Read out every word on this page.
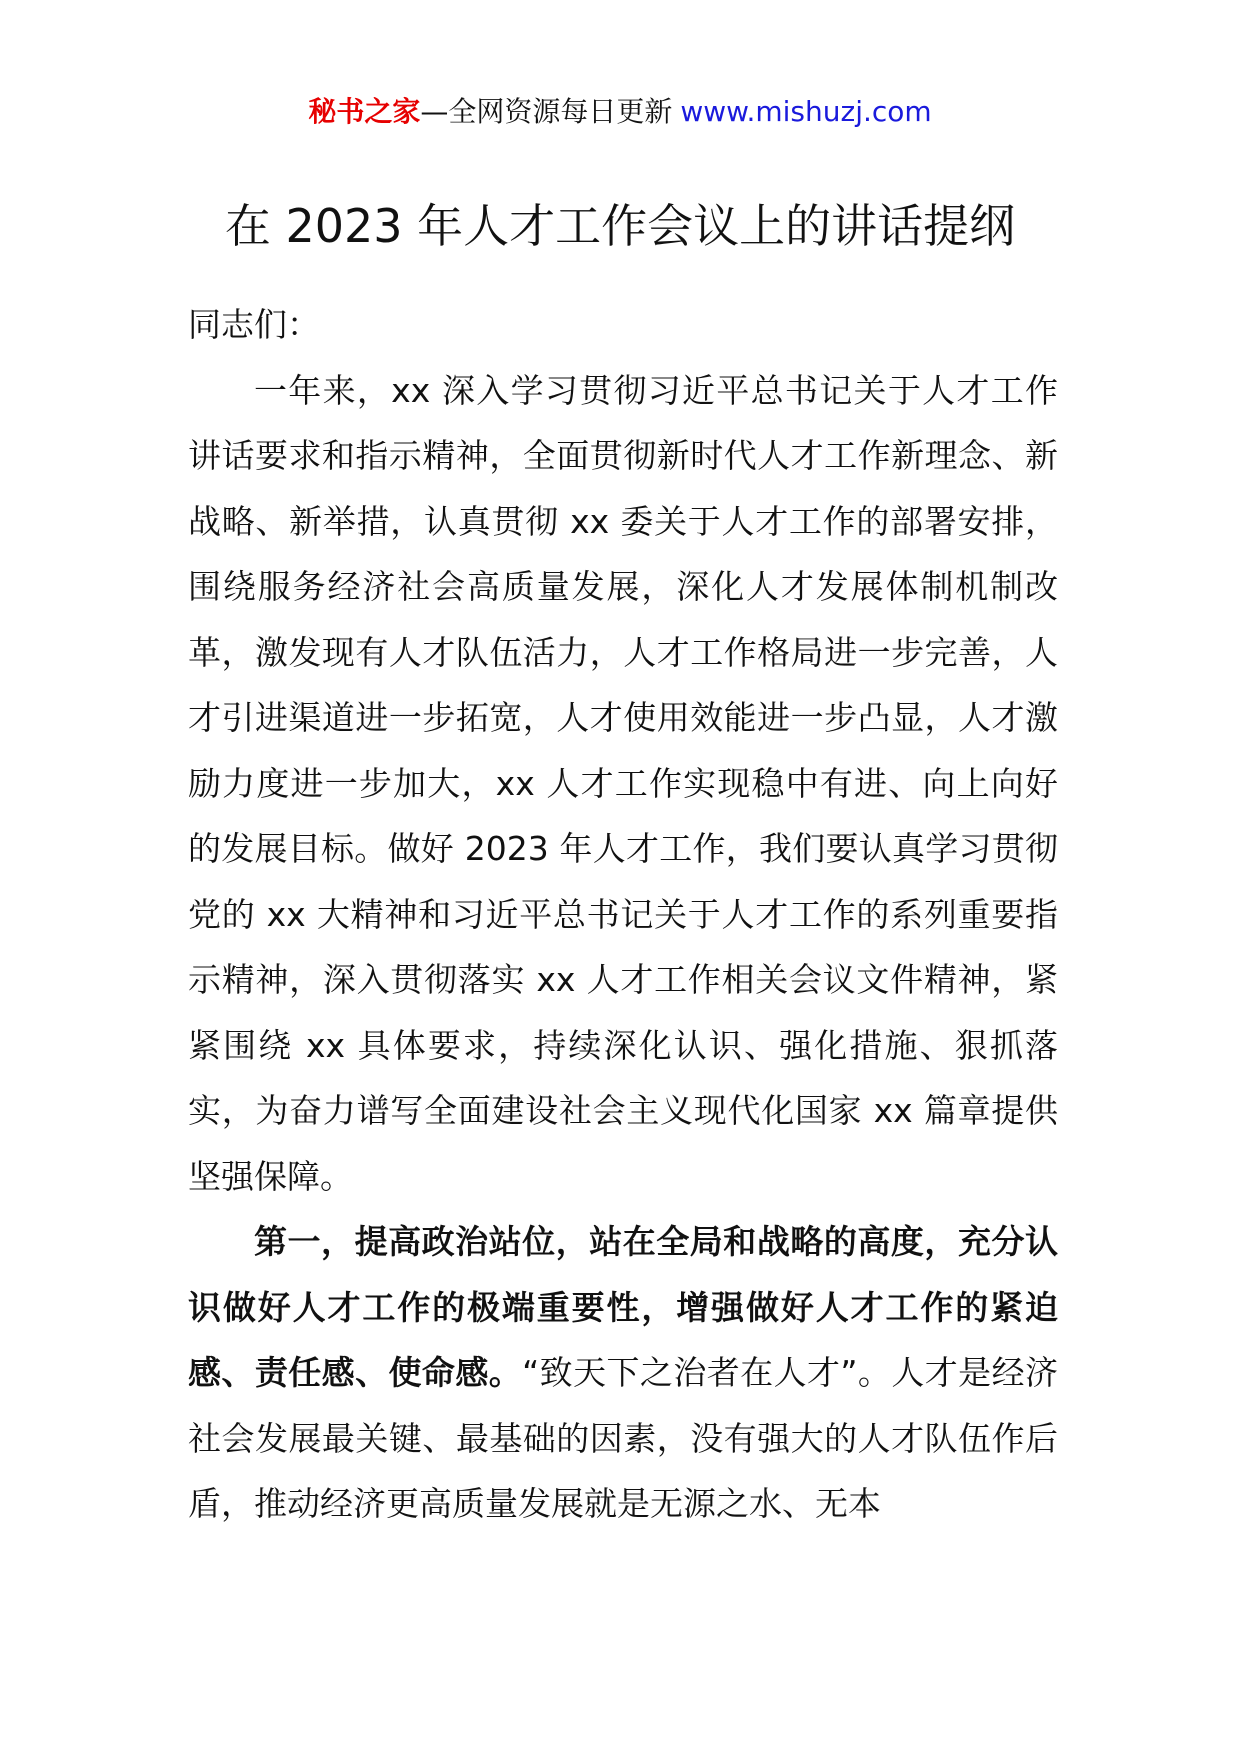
秘书之家—全网资源每日更新 www.mishuzj.com
在 2023 年人才工作会议上的讲话提纲

同志们：

一年来，xx 深入学习贯彻习近平总书记关于人才工作讲话要求和指示精神，全面贯彻新时代人才工作新理念、新战略、新举措，认真贯彻 xx 委关于人才工作的部署安排，围绕服务经济社会高质量发展，深化人才发展体制机制改革，激发现有人才队伍活力，人才工作格局进一步完善，人才引进渠道进一步拓宽，人才使用效能进一步凸显，人才激励力度进一步加大，xx 人才工作实现稳中有进、向上向好的发展目标。做好 2023 年人才工作，我们要认真学习贯彻党的 xx 大精神和习近平总书记关于人才工作的系列重要指示精神，深入贯彻落实 xx 人才工作相关会议文件精神，紧紧围绕 xx 具体要求，持续深化认识、强化措施、狠抓落实，为奋力谱写全面建设社会主义现代化国家 xx 篇章提供坚强保障。

第一，提高政治站位，站在全局和战略的高度，充分认识做好人才工作的极端重要性，增强做好人才工作的紧迫感、责任感、使命感。“致天下之治者在人才”。人才是经济社会发展最关键、最基础的因素，没有强大的人才队伍作后盾，推动经济更高质量发展就是无源之水、无本
